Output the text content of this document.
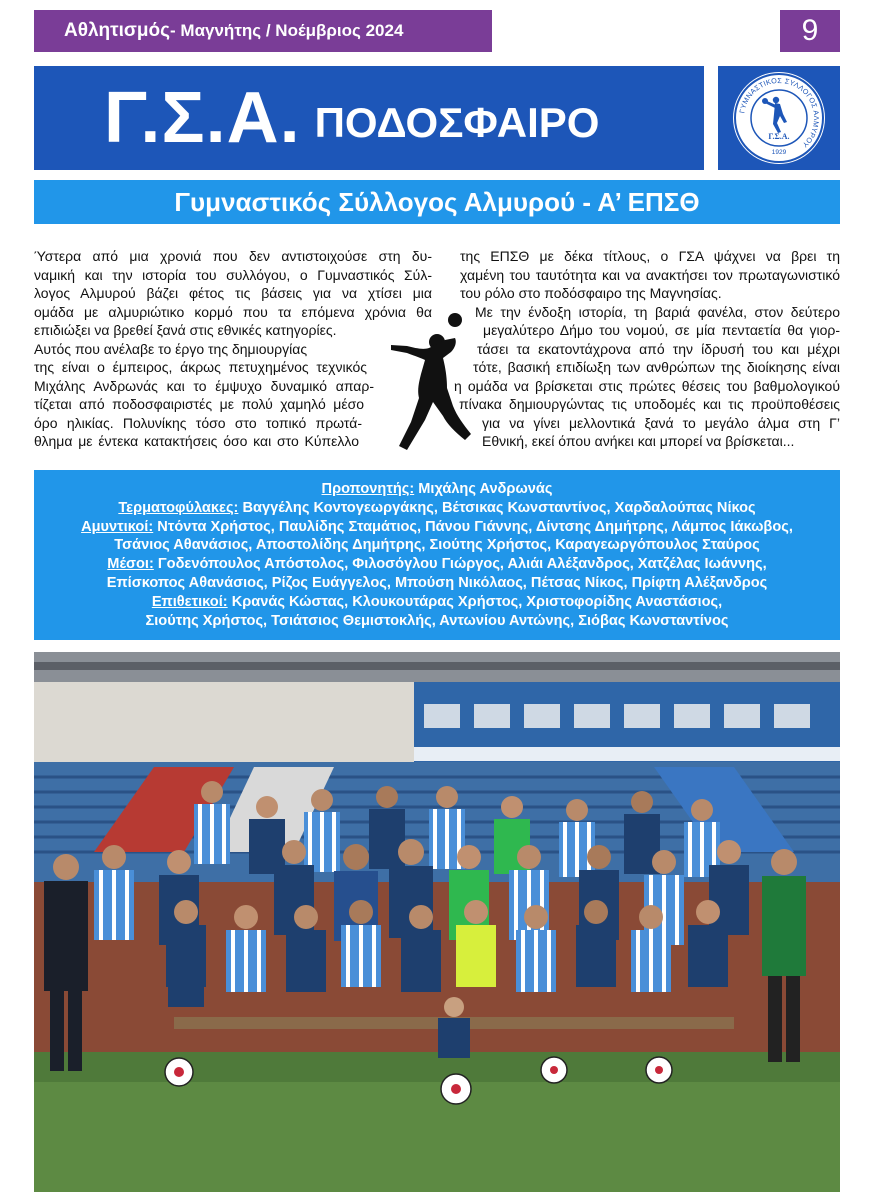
Αθλητισμός - Μαγνήτης / Νοέμβριος 2024	9
Γ.Σ.Α. ΠΟΔΟΣΦΑΙΡΟ	ΓΥΜΝΑΣΤΙΚΟΣ ΣΥΛΛΟΓΟΣ ΑΛΜΥΡΟΥ
Γ.Σ.Α.
1929
Γυμναστικός Σύλλογος Αλμυρού - Α’ ΕΠΣΘ
Ύστερα από μια χρονιά που δεν αντιστοιχούσε στη δυ-
ναμική και την ιστορία του συλλόγου, ο Γυμναστικός Σύλ-
λογος Αλμυρού βάζει φέτος τις βάσεις για να χτίσει μια
ομάδα με αλμυριώτικο κορμό που τα επόμενα χρόνια θα
επιδιώξει να βρεθεί ξανά στις εθνικές κατηγορίες.
Αυτός που ανέλαβε το έργο της δημιουργίας
της είναι ο έμπειρος, άκρως πετυχημένος τεχνικός
Μιχάλης Ανδρωνάς και το έμψυχο δυναμικό απαρ-
τίζεται από ποδοσφαιριστές με πολύ χαμηλό μέσο
όρο ηλικίας. Πολυνίκης τόσο στο τοπικό πρωτά-
θλημα με έντεκα κατακτήσεις όσο και στο Κύπελλο
της ΕΠΣΘ με δέκα τίτλους, ο ΓΣΑ ψάχνει να βρει τη
χαμένη του ταυτότητα και να ανακτήσει τον πρωταγωνιστικό
του ρόλο στο ποδόσφαιρο της Μαγνησίας.
Με την ένδοξη ιστορία, τη βαριά φανέλα, στον δεύτερο
μεγαλύτερο Δήμο του νομού, σε μία πενταετία θα γιορ-
τάσει τα εκατοντάχρονα από την ίδρυσή του και μέχρι
τότε, βασική επιδίωξη των ανθρώπων της διοίκησης είναι
η ομάδα να βρίσκεται στις πρώτες θέσεις του βαθμολογικού
πίνακα δημιουργώντας τις υποδομές και τις προϋποθέσεις
για να γίνει μελλοντικά ξανά το μεγάλο άλμα στη Γ’
Εθνική, εκεί όπου ανήκει και μπορεί να βρίσκεται...
Προπονητής: Μιχάλης Ανδρωνάς
Τερματοφύλακες: Βαγγέλης Κοντογεωργάκης, Βέτσικας Κωνσταντίνος, Χαρδαλούπας Νίκος
Αμυντικοί: Ντόντα Χρήστος, Παυλίδης Σταμάτιος, Πάνου Γιάννης, Δίντσης Δημήτρης, Λάμπος Ιάκωβος,
Τσάνιος Αθανάσιος, Αποστολίδης Δημήτρης, Σιούτης Χρήστος, Καραγεωργόπουλος Σταύρος
Μέσοι: Γοδενόπουλος Απόστολος, Φιλοσόγλου Γιώργος, Αλιάι Αλέξανδρος, Χατζέλας Ιωάννης,
Επίσκοπος Αθανάσιος, Ρίζος Ευάγγελος, Μπούση Νικόλαος, Πέτσας Νίκος, Πρίφτη Αλέξανδρος
Επιθετικοί: Κρανάς Κώστας, Κλουκουτάρας Χρήστος, Χριστοφορίδης Αναστάσιος,
Σιούτης Χρήστος, Τσιάτσιος Θεμιστοκλής, Αντωνίου Αντώνης, Σιόβας Κωνσταντίνος
